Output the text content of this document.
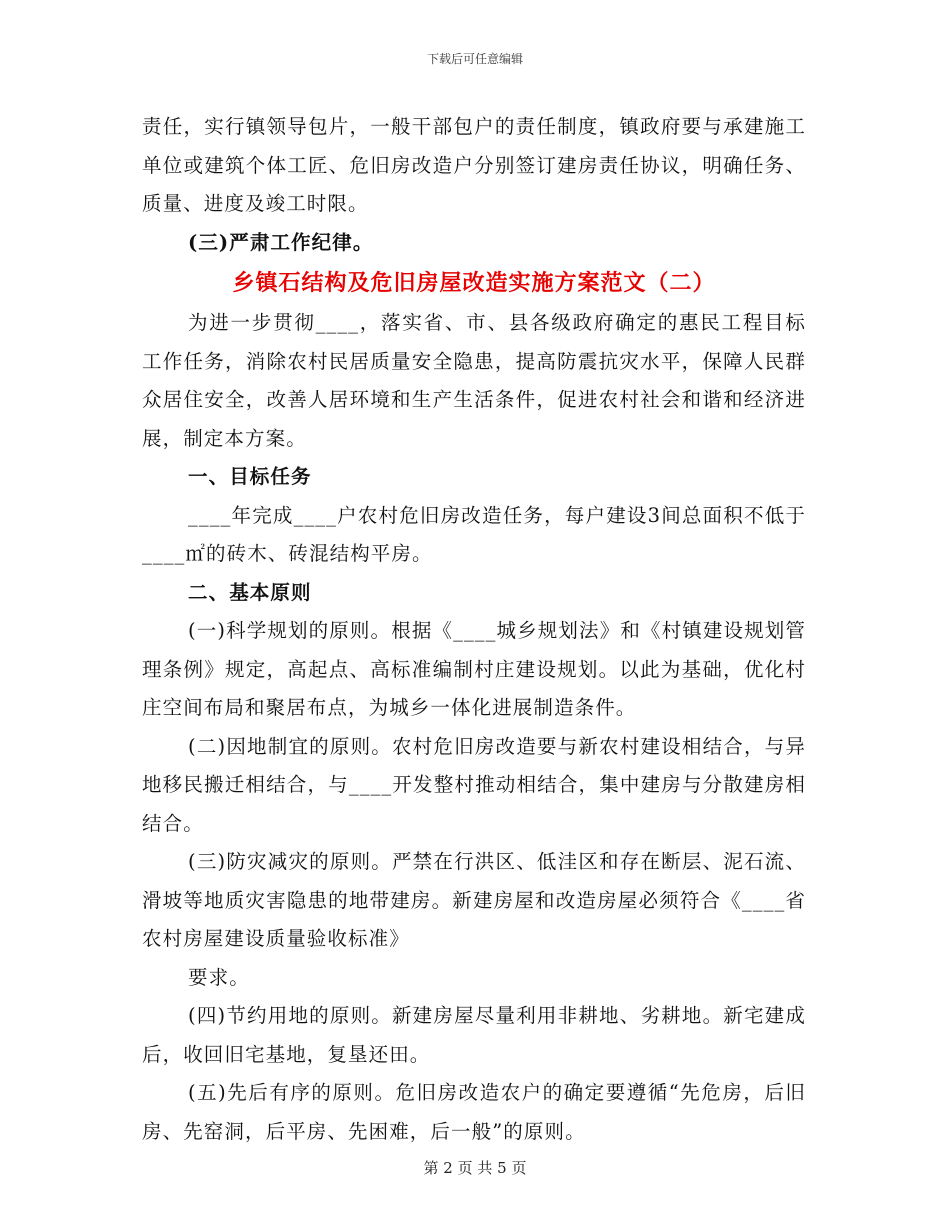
下载后可任意编辑

责任，实行镇领导包片，一般干部包户的责任制度，镇政府要与承建施工单位或建筑个体工匠、危旧房改造户分别签订建房责任协议，明确任务、质量、进度及竣工时限。

(三)严肃工作纪律。

乡镇石结构及危旧房屋改造实施方案范文（二）

为进一步贯彻____，落实省、市、县各级政府确定的惠民工程目标工作任务，消除农村民居质量安全隐患，提高防震抗灾水平，保障人民群众居住安全，改善人居环境和生产生活条件，促进农村社会和谐和经济进展，制定本方案。

一、目标任务

____年完成____户农村危旧房改造任务，每户建设3间总面积不低于____㎡的砖木、砖混结构平房。

二、基本原则

(一)科学规划的原则。根据《____城乡规划法》和《村镇建设规划管理条例》规定，高起点、高标准编制村庄建设规划。以此为基础，优化村庄空间布局和聚居布点，为城乡一体化进展制造条件。

(二)因地制宜的原则。农村危旧房改造要与新农村建设相结合，与异地移民搬迁相结合，与____开发整村推动相结合，集中建房与分散建房相结合。

(三)防灾减灾的原则。严禁在行洪区、低洼区和存在断层、泥石流、滑坡等地质灾害隐患的地带建房。新建房屋和改造房屋必须符合《____省农村房屋建设质量验收标准》

要求。

(四)节约用地的原则。新建房屋尽量利用非耕地、劣耕地。新宅建成后，收回旧宅基地，复垦还田。

(五)先后有序的原则。危旧房改造农户的确定要遵循“先危房，后旧房、先窑洞，后平房、先困难，后一般”的原则。

第 2 页 共 5 页
